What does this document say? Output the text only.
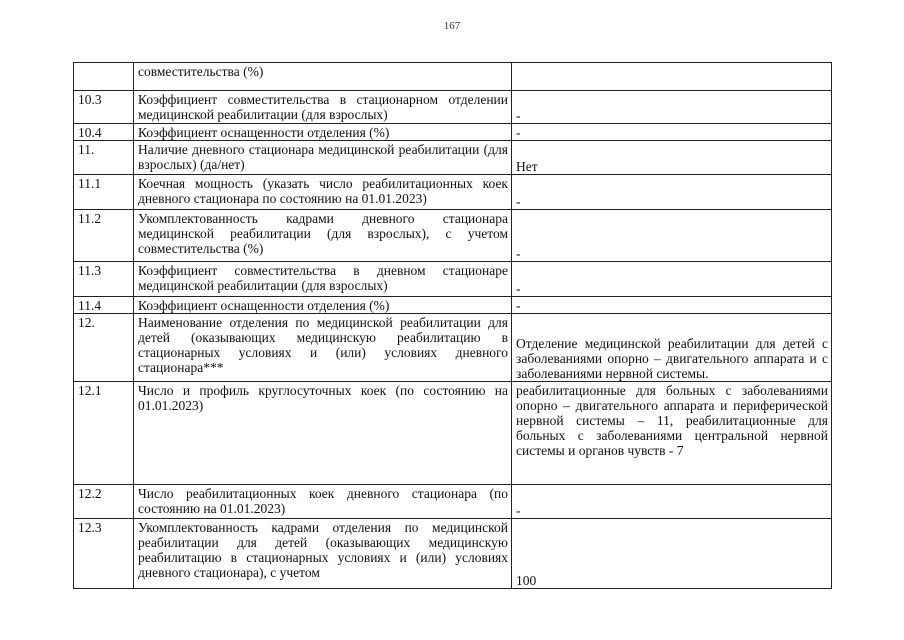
167
	совместительства (%)	
10.3	Коэффициент совместительства в стационарном отделении медицинской реабилитации (для взрослых)	-
10.4	Коэффициент оснащенности отделения (%)	-
11.	Наличие дневного стационара медицинской реабилитации (для взрослых) (да/нет)	Нет
11.1	Коечная мощность (указать число реабилитационных коек дневного стационара по состоянию на 01.01.2023)	-
11.2	Укомплектованность кадрами дневного стационара медицинской реабилитации (для взрослых), с учетом совместительства (%)	-
11.3	Коэффициент совместительства в дневном стационаре медицинской реабилитации (для взрослых)	-
11.4	Коэффициент оснащенности отделения (%)	-
12.	Наименование отделения по медицинской реабилитации для детей (оказывающих медицинскую реабилитацию в стационарных условиях и (или) условиях дневного стационара***	Отделение медицинской реабилитации для детей с заболеваниями опорно – двигательного аппарата и с заболеваниями нервной системы.
12.1	Число и профиль круглосуточных коек (по состоянию на 01.01.2023)	реабилитационные для больных с заболеваниями опорно – двигательного аппарата и периферической нервной системы – 11, реабилитационные для больных с заболеваниями центральной нервной системы и органов чувств - 7
12.2	Число реабилитационных коек дневного стационара (по состоянию на 01.01.2023)	-
12.3	Укомплектованность кадрами отделения по медицинской реабилитации для детей (оказывающих медицинскую реабилитацию в стационарных условиях и (или) условиях дневного стационара), с учетом	100
